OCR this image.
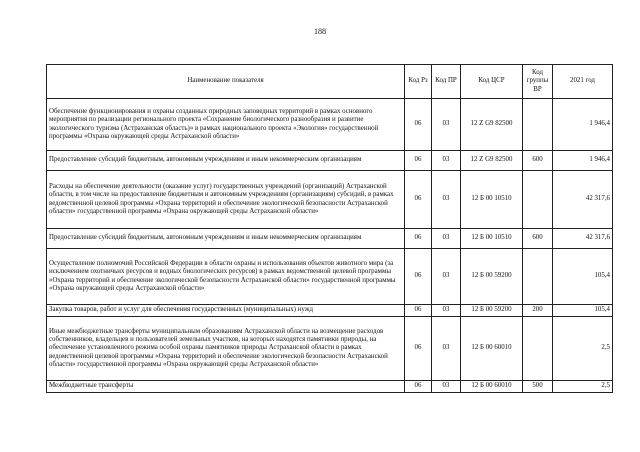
188
Наименование показателя	Код Рз	Код ПР	Код ЦСР	Код группы ВР	2021 год
Обеспечение функционирования и охраны созданных природных заповедных территорий в рамках основного мероприятия по реализации регионального проекта «Сохранение биологического разнообразия и развитие экологического туризма (Астраханская область)» в рамках национального проекта «Экология» государственной программы «Охрана окружающей среды Астраханской области»	06	03	12 Z G9 82500		1 946,4
Предоставление субсидий бюджетным, автономным учреждениям и иным некоммерческим организациям	06	03	12 Z G9 82500	600	1 946,4
Расходы на обеспечение деятельности (оказание услуг) государственных учреждений (организаций) Астраханской области, в том числе на предоставление бюджетным и автономным учреждениям (организациям) субсидий, в рамках ведомственной целевой программы «Охрана территорий и обеспечение экологической безопасности Астраханской области» государственной программы «Охрана окружающей среды Астраханской области»	06	03	12 Б 00 10510		42 317,6
Предоставление субсидий бюджетным, автономным учреждениям и иным некоммерческим организациям	06	03	12 Б 00 10510	600	42 317,6
Осуществление полномочий Российской Федерации в области охраны и использования объектов животного мира (за исключением охотничьих ресурсов и водных биологических ресурсов) в рамках ведомственной целевой программы «Охрана территорий и обеспечение экологической безопасности Астраханской области» государственной программы «Охрана окружающей среды Астраханской области»	06	03	12 Б 00 59200		105,4
Закупка товаров, работ и услуг для обеспечения государственных (муниципальных) нужд	06	03	12 Б 00 59200	200	105,4
Иные межбюджетные трансферты муниципальным образованиям Астраханской области на возмещение расходов собственников, владельцев и пользователей земельных участков, на которых находятся памятники природы, на обеспечение установленного режима особой охраны памятников природы Астраханской области в рамках ведомственной целевой программы «Охрана территорий и обеспечение экологической безопасности Астраханской области» государственной программы «Охрана окружающей среды Астраханской области»	06	03	12 Б 00 60010		2,5
Межбюджетные трансферты	06	03	12 Б 00 60010	500	2,5
